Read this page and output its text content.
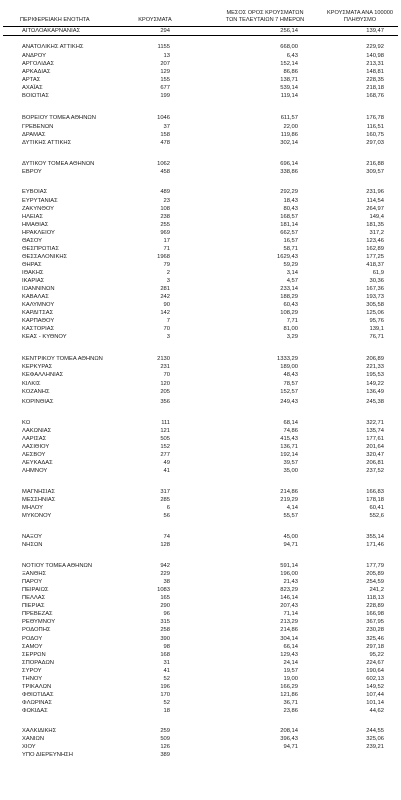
ΠΕΡΙΦΕΡΕΙΑΚΗ ΕΝΟΤΗΤΑ	ΚΡΟΥΣΜΑΤΑ
ΜΕΣΟΣ ΟΡΟΣ ΚΡΟΥΣΜΑΤΩΝ
ΤΩΝ ΤΕΛΕΥΤΑΙΩΝ 7 ΗΜΕΡΩΝ
ΚΡΟΥΣΜΑΤΑ ΑΝΑ 100000
ΠΛΗΘΥΣΜΟ
ΑΙΤΩΛΟΑΚΑΡΝΑΝΙΑΣ	294	256,14	139,47
ΑΝΑΤΟΛΙΚΗΣ ΑΤΤΙΚΗΣ	1155	668,00	229,92
ΑΝΔΡΟΥ	13	6,43	140,98
ΑΡΓΟΛΙΔΑΣ	207	152,14	213,31
ΑΡΚΑΔΙΑΣ	129	86,86	148,81
ΑΡΤΑΣ	155	138,71	228,35
ΑΧΑΪΑΣ	677	539,14	218,18
ΒΟΙΩΤΙΑΣ	199	119,14	168,76
ΒΟΡΕΙΟΥ ΤΟΜΕΑ ΑΘΗΝΩΝ	1046	611,57	176,78
ΓΡΕΒΕΝΩΝ	37	22,00	116,51
ΔΡΑΜΑΣ	158	119,86	160,75
ΔΥΤΙΚΗΣ ΑΤΤΙΚΗΣ	478	302,14	297,03
ΔΥΤΙΚΟΥ ΤΟΜΕΑ ΑΘΗΝΩΝ	1062	696,14	216,88
ΕΒΡΟΥ	458	338,86	309,57
ΕΥΒΟΙΑΣ	489	292,29	231,96
ΕΥΡΥΤΑΝΙΑΣ	23	18,43	114,54
ΖΑΚΥΝΘΟΥ	108	80,43	264,97
ΗΛΕΙΑΣ	238	168,57	149,4
ΗΜΑΘΙΑΣ	255	181,14	181,35
ΗΡΑΚΛΕΙΟΥ	969	662,57	317,2
ΘΑΣΟΥ	17	16,57	123,46
ΘΕΣΠΡΩΤΙΑΣ	71	58,71	162,89
ΘΕΣΣΑΛΟΝΙΚΗΣ	1968	1629,43	177,25
ΘΗΡΑΣ	79	59,29	418,37
ΙΘΑΚΗΣ	2	3,14	61,9
ΙΚΑΡΙΑΣ	3	4,57	30,36
ΙΩΑΝΝΙΝΩΝ	281	233,14	167,36
ΚΑΒΑΛΑΣ	242	188,29	193,73
ΚΑΛΥΜΝΟΥ	90	60,43	305,58
ΚΑΡΔΙΤΣΑΣ	142	108,29	125,06
ΚΑΡΠΑΘΟΥ	7	7,71	95,76
ΚΑΣΤΟΡΙΑΣ	70	81,00	139,1
ΚΕΑΣ - ΚΥΘΝΟΥ	3	3,29	76,71
ΚΕΝΤΡΙΚΟΥ ΤΟΜΕΑ ΑΘΗΝΩΝ	2130	1333,29	206,89
ΚΕΡΚΥΡΑΣ	231	189,00	221,33
ΚΕΦΑΛΛΗΝΙΑΣ	70	48,43	195,53
ΚΙΛΚΙΣ	120	78,57	149,22
ΚΟΖΑΝΗΣ	205	152,57	136,49
ΚΟΡΙΝΘΙΑΣ	356	249,43	245,38
ΚΩ	111	68,14	322,71
ΛΑΚΩΝΙΑΣ	121	74,86	135,74
ΛΑΡΙΣΑΣ	505	415,43	177,61
ΛΑΣΙΘΙΟΥ	152	136,71	201,64
ΛΕΣΒΟΥ	277	192,14	320,47
ΛΕΥΚΑΔΑΣ	49	39,57	206,81
ΛΗΜΝΟΥ	41	35,00	237,52
ΜΑΓΝΗΣΙΑΣ	317	214,86	166,83
ΜΕΣΣΗΝΙΑΣ	285	219,29	178,18
ΜΗΛΟΥ	6	4,14	60,41
ΜΥΚΟΝΟΥ	56	55,57	552,6
ΝΑΞΟΥ	74	45,00	355,14
ΝΗΣΩΝ	128	94,71	171,46
ΝΟΤΙΟΥ ΤΟΜΕΑ ΑΘΗΝΩΝ	942	591,14	177,79
ΞΑΝΘΗΣ	229	196,00	205,89
ΠΑΡΟΥ	38	21,43	254,59
ΠΕΙΡΑΙΩΣ	1083	823,29	241,2
ΠΕΛΛΑΣ	165	146,14	118,13
ΠΙΕΡΙΑΣ	290	207,43	228,89
ΠΡΕΒΕΖΑΣ	96	71,14	166,98
ΡΕΘΥΜΝΟΥ	315	213,29	367,95
ΡΟΔΟΠΗΣ	258	214,86	230,28
ΡΟΔΟΥ	390	304,14	325,46
ΣΑΜΟΥ	98	66,14	297,18
ΣΕΡΡΩΝ	168	129,43	95,22
ΣΠΟΡΑΔΩΝ	31	24,14	224,67
ΣΥΡΟΥ	41	19,57	190,64
ΤΗΝΟΥ	52	19,00	602,13
ΤΡΙΚΑΛΩΝ	196	166,29	149,52
ΦΘΙΩΤΙΔΑΣ	170	121,86	107,44
ΦΛΩΡΙΝΑΣ	52	36,71	101,14
ΦΩΚΙΔΑΣ	18	23,86	44,62
ΧΑΛΚΙΔΙΚΗΣ	259	208,14	244,55
ΧΑΝΙΩΝ	509	396,43	325,06
ΧΙΟΥ	126	94,71	239,21
ΥΠΟ ΔΙΕΡΕΥΝΗΣΗ	389
